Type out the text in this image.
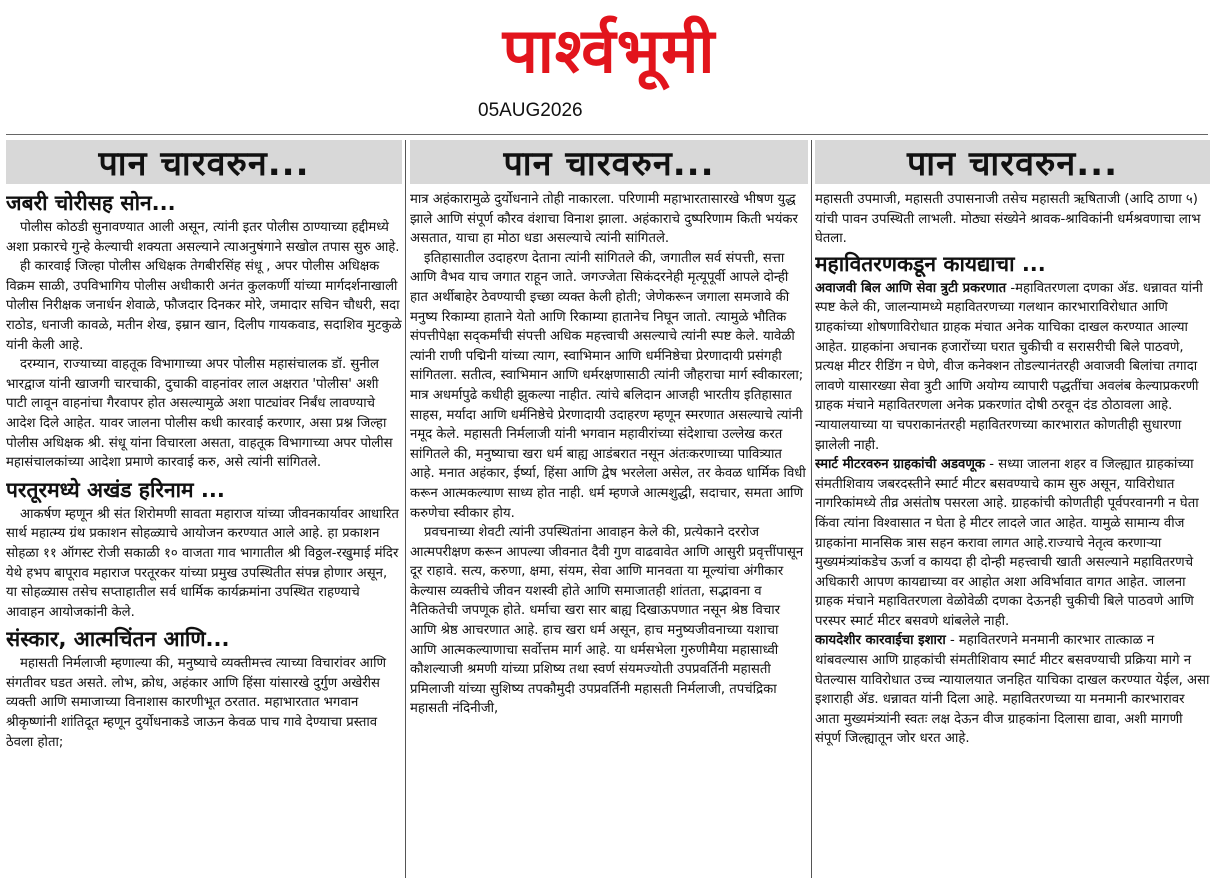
पार्श्वभूमी
05AUG2026
पान चारवरुन...
जबरी चोरीसह सोन...

पोलीस कोठडी सुनावण्यात आली असून, त्यांनी इतर पोलीस ठाण्याच्या हद्दीमध्ये अशा प्रकारचे गुन्हे केल्याची शक्यता असल्याने त्याअनुषंगाने सखोल तपास सुरु आहे.

ही कारवाई जिल्हा पोलीस अधिक्षक तेगबीरसिंह संधू , अपर पोलीस अधिक्षक विक्रम साळी, उपविभागिय पोलीस अधीकारी अनंत कुलकर्णी यांच्या मार्गदर्शनाखाली पोलीस निरीक्षक जनार्धन शेवाळे, फौजदार दिनकर मोरे, जमादार सचिन चौधरी, सदा राठोड, धनाजी कावळे, मतीन शेख, इम्रान खान, दिलीप गायकवाड, सदाशिव मुटकुळे यांनी केली आहे.

दरम्यान, राज्याच्या वाहतूक विभागाच्या अपर पोलीस महासंचालक डॉ. सुनील भारद्वाज यांनी खाजगी चारचाकी, दुचाकी वाहनांवर लाल अक्षरात 'पोलीस' अशी पाटी लावून वाहनांचा गैरवापर होत असल्यामुळे अशा पाट्यांवर निर्बंध लावण्याचे आदेश दिले आहेत. यावर जालना पोलीस कधी कारवाई करणार, असा प्रश्न जिल्हा पोलीस अधिक्षक श्री. संधू यांना विचारला असता, वाहतूक विभागाच्या अपर पोलीस महासंचालकांच्या आदेशा प्रमाणे कारवाई करु, असे त्यांनी सांगितले.

परतूरमध्ये अखंड हरिनाम ...

आकर्षण म्हणून श्री संत शिरोमणी सावता महाराज यांच्या जीवनकार्यावर आधारित सार्थ महात्म्य ग्रंथ प्रकाशन सोहळ्याचे आयोजन करण्यात आले आहे. हा प्रकाशन सोहळा ११ ऑगस्ट रोजी सकाळी १० वाजता गाव भागातील श्री विठ्ठल-रखुमाई मंदिर येथे हभप बापूराव महाराज परतूरकर यांच्या प्रमुख उपस्थितीत संपन्न होणार असून, या सोहळ्यास तसेच सप्ताहातील सर्व धार्मिक कार्यक्रमांना उपस्थित राहण्याचे आवाहन आयोजकांनी केले.

संस्कार, आत्मचिंतन आणि...

महासती निर्मलाजी म्हणाल्या की, मनुष्याचे व्यक्तीमत्त्व त्याच्या विचारांवर आणि संगतीवर घडत असते. लोभ, क्रोध, अहंकार आणि हिंसा यांसारखे दुर्गुण अखेरीस व्यक्ती आणि समाजाच्या विनाशास कारणीभूत ठरतात. महाभारतात भगवान श्रीकृष्णांनी शांतिदूत म्हणून दुर्योधनाकडे जाऊन केवळ पाच गावे देण्याचा प्रस्ताव ठेवला होता;

पान चारवरुन...

मात्र अहंकारामुळे दुर्योधनाने तोही नाकारला. परिणामी महाभारतासारखे भीषण युद्ध झाले आणि संपूर्ण कौरव वंशाचा विनाश झाला. अहंकाराचे दुष्परिणाम किती भयंकर असतात, याचा हा मोठा धडा असल्याचे त्यांनी सांगितले.

इतिहासातील उदाहरण देताना त्यांनी सांगितले की, जगातील सर्व संपत्ती, सत्ता आणि वैभव याच जगात राहून जाते. जगज्जेता सिकंदरनेही मृत्यूपूर्वी आपले दोन्ही हात अर्थीबाहेर ठेवण्याची इच्छा व्यक्त केली होती; जेणेकरून जगाला समजावे की मनुष्य रिकाम्या हाताने येतो आणि रिकाम्या हातानेच निघून जातो. त्यामुळे भौतिक संपत्तीपेक्षा सद्कर्मांची संपत्ती अधिक महत्त्वाची असल्याचे त्यांनी स्पष्ट केले. यावेळी त्यांनी राणी पद्मिनी यांच्या त्याग, स्वाभिमान आणि धर्मनिष्ठेचा प्रेरणादायी प्रसंगही सांगितला. सतीत्व, स्वाभिमान आणि धर्मरक्षणासाठी त्यांनी जौहराचा मार्ग स्वीकारला; मात्र अधर्मापुढे कधीही झुकल्या नाहीत. त्यांचे बलिदान आजही भारतीय इतिहासात साहस, मर्यादा आणि धर्मनिष्ठेचे प्रेरणादायी उदाहरण म्हणून स्मरणात असल्याचे त्यांनी नमूद केले. महासती निर्मलाजी यांनी भगवान महावीरांच्या संदेशाचा उल्लेख करत सांगितले की, मनुष्याचा खरा धर्म बाह्य आडंबरात नसून अंतःकरणाच्या पावित्र्यात आहे. मनात अहंकार, ईर्ष्या, हिंसा आणि द्वेष भरलेला असेल, तर केवळ धार्मिक विधी करून आत्मकल्याण साध्य होत नाही. धर्म म्हणजे आत्मशुद्धी, सदाचार, समता आणि करुणेचा स्वीकार होय.

प्रवचनाच्या शेवटी त्यांनी उपस्थितांना आवाहन केले की, प्रत्येकाने दररोज आत्मपरीक्षण करून आपल्या जीवनात दैवी गुण वाढवावेत आणि आसुरी प्रवृत्तींपासून दूर राहावे. सत्य, करुणा, क्षमा, संयम, सेवा आणि मानवता या मूल्यांचा अंगीकार केल्यास व्यक्तीचे जीवन यशस्वी होते आणि समाजातही शांतता, सद्भावना व नैतिकतेची जपणूक होते. धर्माचा खरा सार बाह्य दिखाऊपणात नसून श्रेष्ठ विचार आणि श्रेष्ठ आचरणात आहे. हाच खरा धर्म असून, हाच मनुष्यजीवनाच्या यशाचा आणि आत्मकल्याणाचा सर्वोत्तम मार्ग आहे. या धर्मसभेला गुरुणीमैया महासाध्वी कौशल्याजी श्रमणी यांच्या प्रशिष्य तथा स्वर्ण संयमज्योती उपप्रवर्तिनी महासती प्रमिलाजी यांच्या सुशिष्य तपकौमुदी उपप्रवर्तिनी महासती निर्मलाजी, तपचंद्रिका महासती नंदिनीजी,

पान चारवरुन...

महासती उपमाजी, महासती उपासनाजी तसेच महासती ऋषिताजी (आदि ठाणा ५) यांची पावन उपस्थिती लाभली. मोठ्या संख्येने श्रावक-श्राविकांनी धर्मश्रवणाचा लाभ घेतला.

महावितरणकडून कायद्याचा ...

अवाजवी बिल आणि सेवा त्रुटी प्रकरणात -महावितरणला दणका ॲड. धन्नावत यांनी स्पष्ट केले की, जालन्यामध्ये महावितरणच्या गलथान कारभाराविरोधात आणि ग्राहकांच्या शोषणाविरोधात ग्राहक मंचात अनेक याचिका दाखल करण्यात आल्या आहेत. ग्राहकांना अचानक हजारोंच्या घरात चुकीची व सरासरीची बिले पाठवणे, प्रत्यक्ष मीटर रीडिंग न घेणे, वीज कनेक्शन तोडल्यानंतरही अवाजवी बिलांचा तगादा लावणे यासारख्या सेवा त्रुटी आणि अयोग्य व्यापारी पद्धतींचा अवलंब केल्याप्रकरणी ग्राहक मंचाने महावितरणला अनेक प्रकरणांत दोषी ठरवून दंड ठोठावला आहे. न्यायालयाच्या या चपराकानंतरही महावितरणच्या कारभारात कोणतीही सुधारणा झालेली नाही.

स्मार्ट मीटरवरुन ग्राहकांची अडवणूक - सध्या जालना शहर व जिल्ह्यात ग्राहकांच्या संमतीशिवाय जबरदस्तीने स्मार्ट मीटर बसवण्याचे काम सुरु असून, याविरोधात नागरिकांमध्ये तीव्र असंतोष पसरला आहे. ग्राहकांची कोणतीही पूर्वपरवानगी न घेता किंवा त्यांना विश्वासात न घेता हे मीटर लादले जात आहेत. यामुळे सामान्य वीज ग्राहकांना मानसिक त्रास सहन करावा लागत आहे.राज्याचे नेतृत्व करणाऱ्या मुख्यमंत्र्यांकडेच ऊर्जा व कायदा ही दोन्ही महत्त्वाची खाती असल्याने महावितरणचे अधिकारी आपण कायद्याच्या वर आहोत अशा अविर्भावात वागत आहेत. जालना ग्राहक मंचाने महावितरणला वेळोवेळी दणका देऊनही चुकीची बिले पाठवणे आणि परस्पर स्मार्ट मीटर बसवणे थांबलेले नाही.

कायदेशीर कारवाईचा इशारा - महावितरणने मनमानी कारभार तात्काळ न थांबवल्यास आणि ग्राहकांची संमतीशिवाय स्मार्ट मीटर बसवण्याची प्रक्रिया मागे न घेतल्यास याविरोधात उच्च न्यायालयात जनहित याचिका दाखल करण्यात येईल, असा इशाराही ॲड. धन्नावत यांनी दिला आहे. महावितरणच्या या मनमानी कारभारावर आता मुख्यमंत्र्यांनी स्वतः लक्ष देऊन वीज ग्राहकांना दिलासा द्यावा, अशी मागणी संपूर्ण जिल्ह्यातून जोर धरत आहे.
